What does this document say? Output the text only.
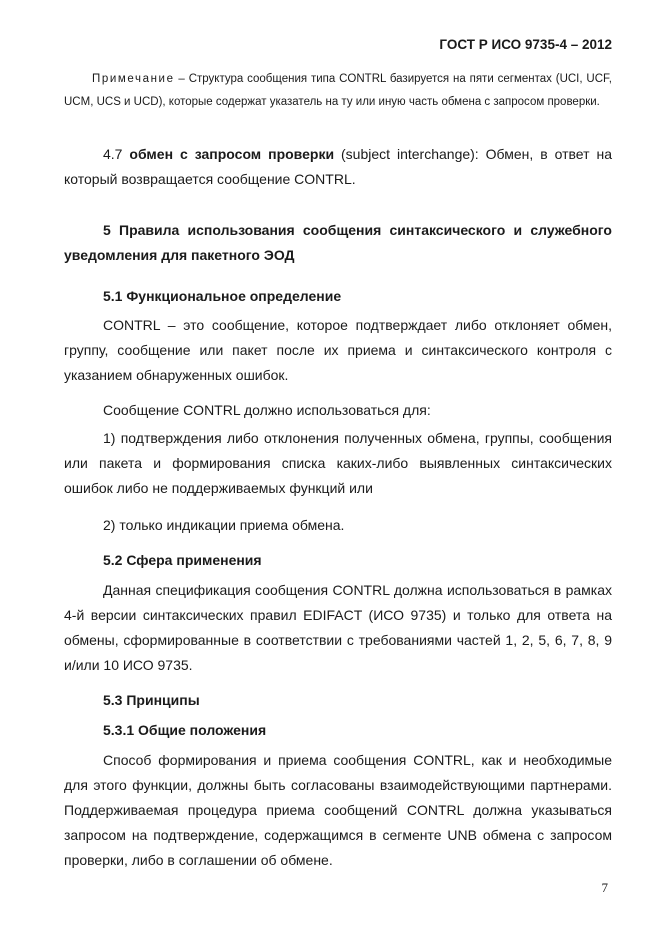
ГОСТ Р ИСО 9735-4 – 2012
Примечание – Структура сообщения типа CONTRL базируется на пяти сегментах (UCI, UCF, UCM, UCS и UCD), которые содержат указатель на ту или иную часть обмена с запросом проверки.
4.7 обмен с запросом проверки (subject interchange): Обмен, в ответ на который возвращается сообщение CONTRL.
5 Правила использования сообщения синтаксического и служебного уведомления для пакетного ЭОД
5.1 Функциональное определение
CONTRL – это сообщение, которое подтверждает либо отклоняет обмен, группу, сообщение или пакет после их приема и синтаксического контроля с указанием обнаруженных ошибок.
Сообщение CONTRL должно использоваться для:
1) подтверждения либо отклонения полученных обмена, группы, сообщения или пакета и формирования списка каких-либо выявленных синтаксических ошибок либо не поддерживаемых функций или
2) только индикации приема обмена.
5.2 Сфера применения
Данная спецификация сообщения CONTRL должна использоваться в рамках 4-й версии синтаксических правил EDIFACT (ИСО 9735) и только для ответа на обмены, сформированные в соответствии с требованиями частей 1, 2, 5, 6, 7, 8, 9 и/или 10 ИСО 9735.
5.3 Принципы
5.3.1 Общие положения
Способ формирования и приема сообщения CONTRL, как и необходимые для этого функции, должны быть согласованы взаимодействующими партнерами. Поддерживаемая процедура приема сообщений CONTRL должна указываться запросом на подтверждение, содержащимся в сегменте UNB обмена с запросом проверки, либо в соглашении об обмене.
7
